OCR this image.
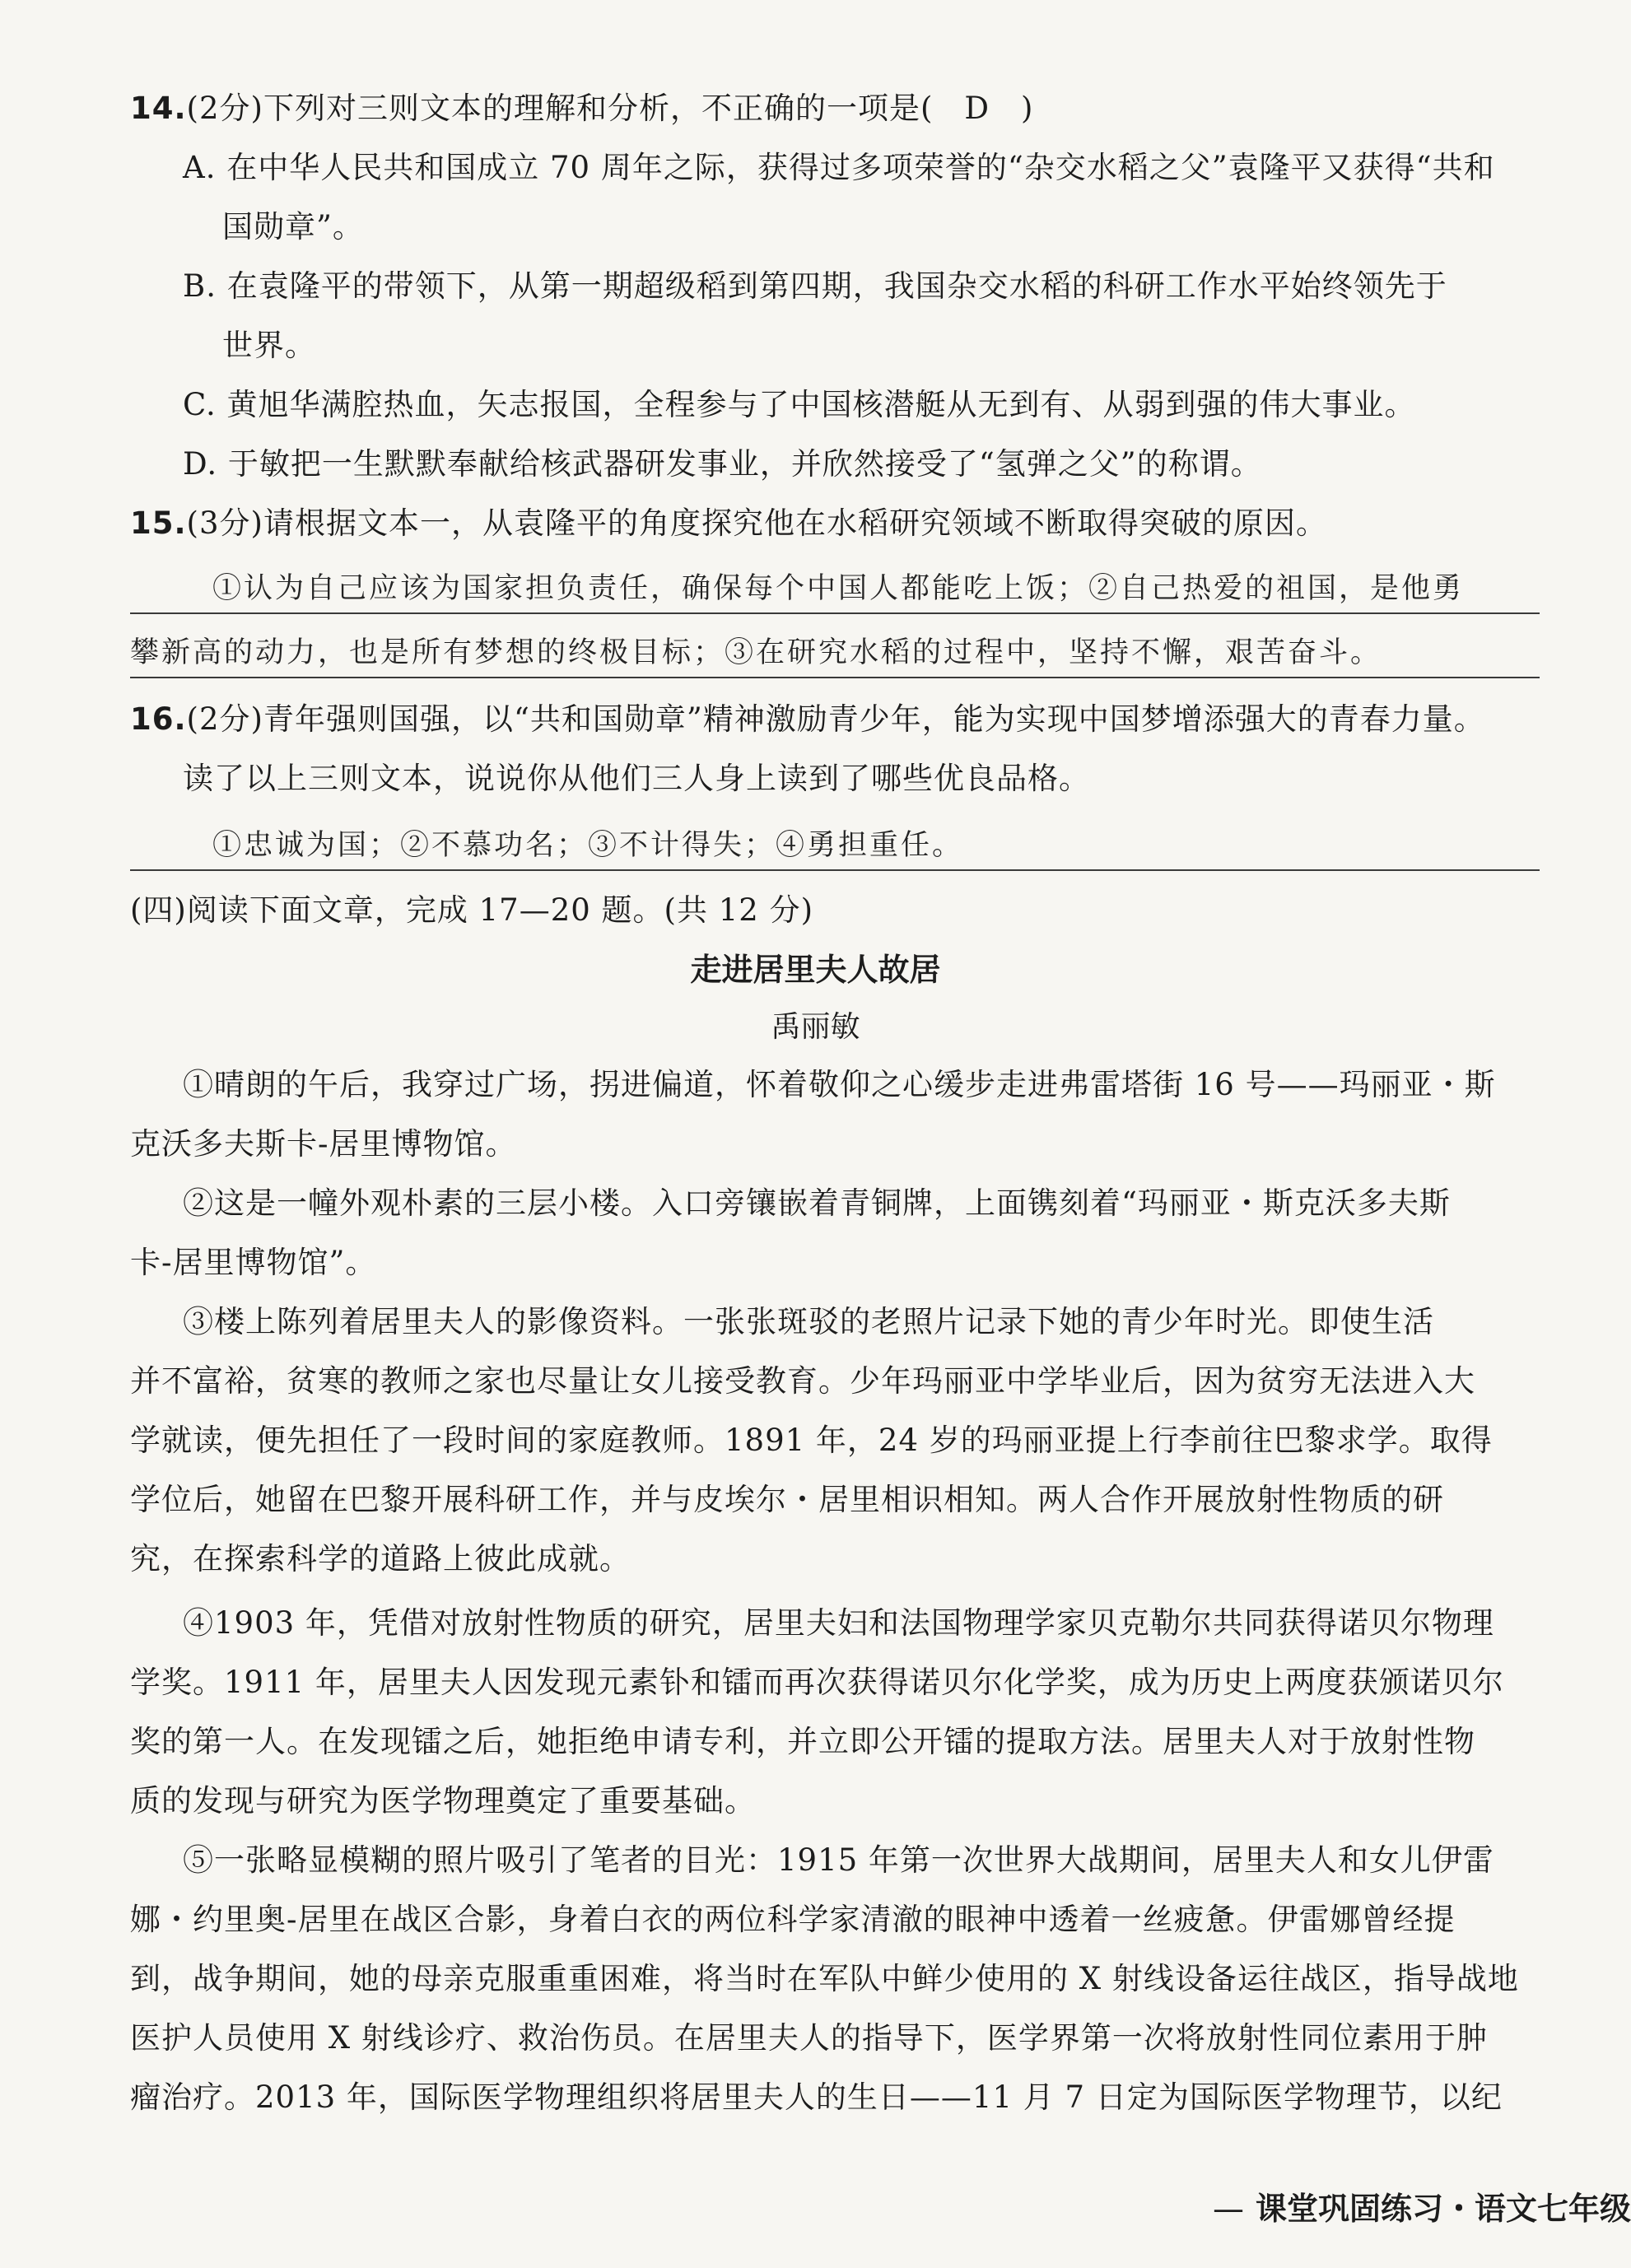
14.(2分)下列对三则文本的理解和分析，不正确的一项是(　D　)
A. 在中华人民共和国成立 70 周年之际，获得过多项荣誉的“杂交水稻之父”袁隆平又获得“共和
国勋章”。
B. 在袁隆平的带领下，从第一期超级稻到第四期，我国杂交水稻的科研工作水平始终领先于
世界。
C. 黄旭华满腔热血，矢志报国，全程参与了中国核潜艇从无到有、从弱到强的伟大事业。
D. 于敏把一生默默奉献给核武器研发事业，并欣然接受了“氢弹之父”的称谓。
15.(3分)请根据文本一，从袁隆平的角度探究他在水稻研究领域不断取得突破的原因。
①认为自己应该为国家担负责任，确保每个中国人都能吃上饭；②自己热爱的祖国，是他勇
攀新高的动力，也是所有梦想的终极目标；③在研究水稻的过程中，坚持不懈，艰苦奋斗。
16.(2分)青年强则国强，以“共和国勋章”精神激励青少年，能为实现中国梦增添强大的青春力量。
读了以上三则文本，说说你从他们三人身上读到了哪些优良品格。
①忠诚为国；②不慕功名；③不计得失；④勇担重任。
(四)阅读下面文章，完成 17—20 题。(共 12 分)
走进居里夫人故居
禹丽敏
①晴朗的午后，我穿过广场，拐进偏道，怀着敬仰之心缓步走进弗雷塔街 16 号——玛丽亚・斯
克沃多夫斯卡-居里博物馆。
②这是一幢外观朴素的三层小楼。入口旁镶嵌着青铜牌，上面镌刻着“玛丽亚・斯克沃多夫斯
卡-居里博物馆”。
③楼上陈列着居里夫人的影像资料。一张张斑驳的老照片记录下她的青少年时光。即使生活
并不富裕，贫寒的教师之家也尽量让女儿接受教育。少年玛丽亚中学毕业后，因为贫穷无法进入大
学就读，便先担任了一段时间的家庭教师。1891 年，24 岁的玛丽亚提上行李前往巴黎求学。取得
学位后，她留在巴黎开展科研工作，并与皮埃尔・居里相识相知。两人合作开展放射性物质的研
究，在探索科学的道路上彼此成就。
④1903 年，凭借对放射性物质的研究，居里夫妇和法国物理学家贝克勒尔共同获得诺贝尔物理
学奖。1911 年，居里夫人因发现元素钋和镭而再次获得诺贝尔化学奖，成为历史上两度获颁诺贝尔
奖的第一人。在发现镭之后，她拒绝申请专利，并立即公开镭的提取方法。居里夫人对于放射性物
质的发现与研究为医学物理奠定了重要基础。
⑤一张略显模糊的照片吸引了笔者的目光：1915 年第一次世界大战期间，居里夫人和女儿伊雷
娜・约里奥-居里在战区合影，身着白衣的两位科学家清澈的眼神中透着一丝疲惫。伊雷娜曾经提
到，战争期间，她的母亲克服重重困难，将当时在军队中鲜少使用的 X 射线设备运往战区，指导战地
医护人员使用 X 射线诊疗、救治伤员。在居里夫人的指导下，医学界第一次将放射性同位素用于肿
瘤治疗。2013 年，国际医学物理组织将居里夫人的生日——11 月 7 日定为国际医学物理节，以纪
— 课堂巩固练习・语文七年级
